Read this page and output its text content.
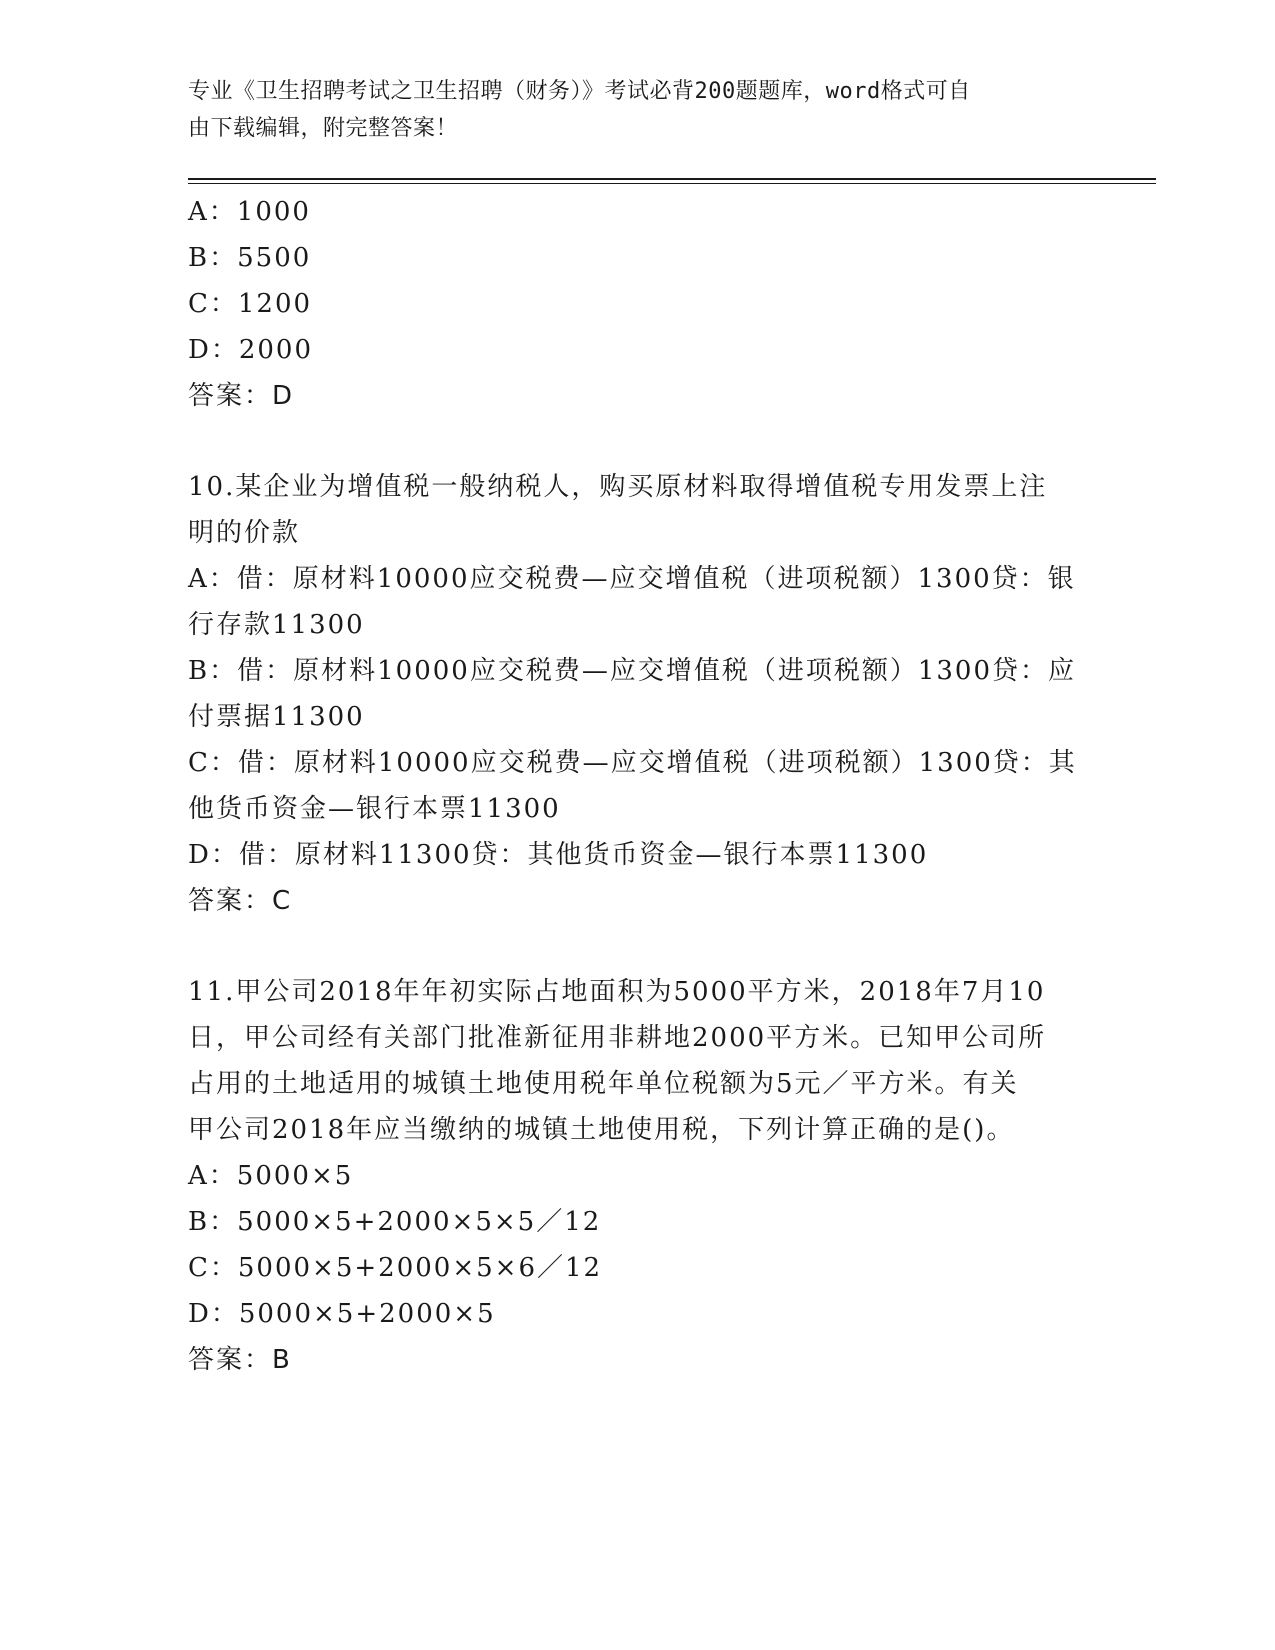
专业《卫生招聘考试之卫生招聘（财务）》考试必背200题题库，word格式可自
由下载编辑，附完整答案！

A：1000

B：5500

C：1200

D：2000

答案：D

10.某企业为增值税一般纳税人，购买原材料取得增值税专用发票上注

明的价款

A：借：原材料10000应交税费—应交增值税（进项税额）1300贷：银

行存款11300

B：借：原材料10000应交税费—应交增值税（进项税额）1300贷：应

付票据11300

C：借：原材料10000应交税费—应交增值税（进项税额）1300贷：其

他货币资金—银行本票11300

D：借：原材料11300贷：其他货币资金—银行本票11300

答案：C

11.甲公司2018年年初实际占地面积为5000平方米，2018年7月10

日，甲公司经有关部门批准新征用非耕地2000平方米。已知甲公司所

占用的土地适用的城镇土地使用税年单位税额为5元／平方米。有关

甲公司2018年应当缴纳的城镇土地使用税，下列计算正确的是()。

A：5000×5

B：5000×5+2000×5×5／12

C：5000×5+2000×5×6／12

D：5000×5+2000×5

答案：B
